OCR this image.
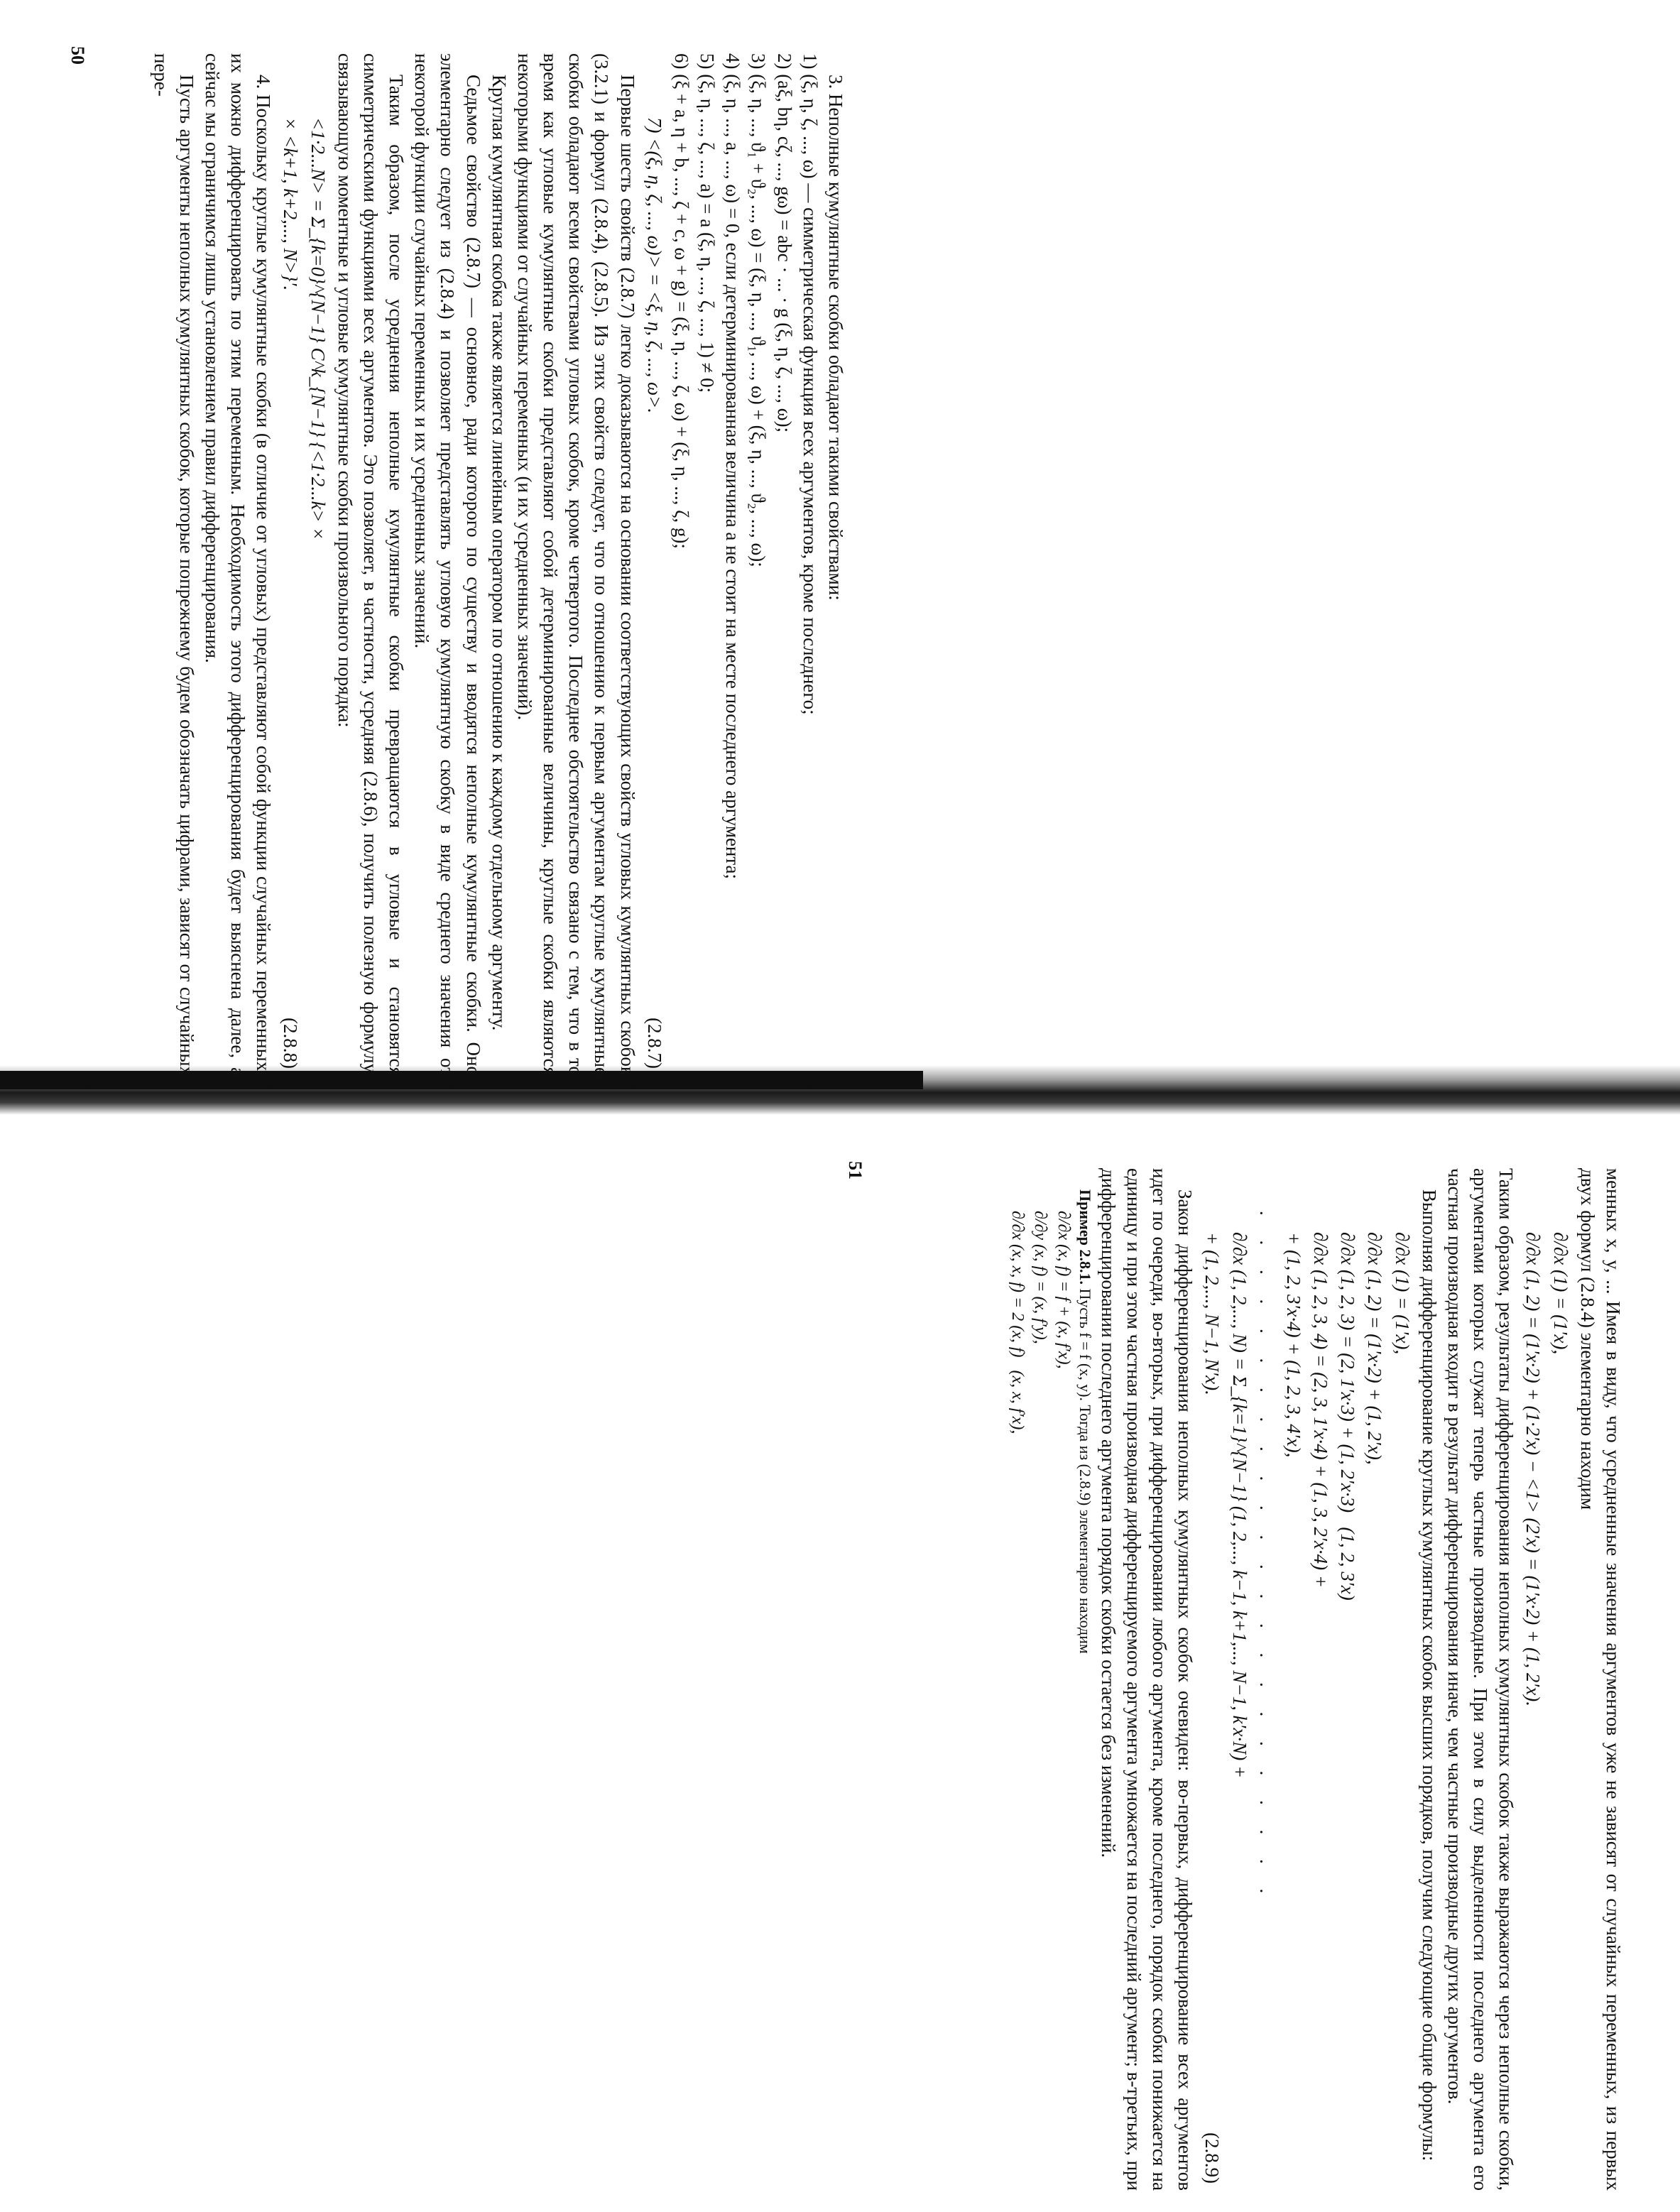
3. Неполные кумулянтные скобки обладают такими свойствами:

1) (ξ, η, ζ, ..., ω) — симметрическая функция всех аргументов, кроме последнего;

2) (aξ, bη, cζ, ..., gω) = abc · ... · g (ξ, η, ζ, ..., ω);

3) (ξ, η, ..., ϑ₁ + ϑ₂, ..., ω) = (ξ, η, ..., ϑ₁, ..., ω) + (ξ, η, ..., ϑ₂, ..., ω);

4) (ξ, η, ..., a, ..., ω) = 0, если детерминированная величина a не стоит на месте последнего аргумента;

5) (ξ, η, ..., ζ, ..., a) = a (ξ, η, ..., ζ, ..., 1) ≠ 0;

6) (ξ + a, η + b, ..., ζ + c, ω + g) = (ξ, η, ..., ζ, ω) + (ξ, η, ..., ζ, g);

7) <(ξ, η, ζ, ..., ω)> = <ξ, η, ζ, ..., ω>.
(2.8.7)

Первые шесть свойств (2.8.7) легко доказываются на основании соответствующих свойств угловых кумулянтных скобок (3.2.1) и формул (2.8.4), (2.8.5). Из этих свойств следует, что по отношению к первым аргументам круглые кумулянтные скобки обладают всеми свойствами угловых скобок, кроме четвертого. Последнее обстоятельство связано с тем, что в то время как угловые кумулянтные скобки представляют собой детерминированные величины, круглые скобки являются некоторыми функциями от случайных переменных (и их усредненных значений).

Круглая кумулянтная скобка также является линейным оператором по отношению к каждому отдельному аргументу.

Седьмое свойство (2.8.7) — основное, ради которого по существу и вводятся неполные кумулянтные скобки. Оно элементарно следует из (2.8.4) и позволяет представлять угловую кумулянтную скобку в виде среднего значения от некоторой функции случайных переменных и их усредненных значений.

Таким образом, после усреднения неполные кумулянтные скобки превращаются в угловые и становятся симметрическими функциями всех аргументов. Это позволяет, в частности, усредняя (2.8.6), получить полезную формулу, связывающую моментные и угловые кумулянтные скобки произвольного порядка:

<1·2...N> = Σ_{k=0}^{N−1} C^k_{N−1} {<1·2...k> ×
× <k+1, k+2,..., N>}′.
(2.8.8)

4. Поскольку круглые кумулянтные скобки (в отличие от угловых) представляют собой функции случайных переменных, их можно дифференцировать по этим переменным. Необходимость этого дифференцирования будет выяснена далее, а сейчас мы ограничимся лишь установлением правил дифференцирования.

Пусть аргументы неполных кумулянтных скобок, которые попрежнему будем обозначать цифрами, зависят от случайных пере-

50

менных x, y, ... Имея в виду, что усредненные значения аргументов уже не зависят от случайных переменных, из первых двух формул (2.8.4) элементарно находим

∂/∂x (1) = (1′x),
∂/∂x (1, 2) = (1′x·2) + (1·2′x) − <1> (2′x) = (1′x·2) + (1, 2′x).

Таким образом, результаты дифференцирования неполных кумулянтных скобок также выражаются через неполные скобки, аргументами которых служат теперь частные производные. При этом в силу выделенности последнего аргумента его частная производная входит в результат дифференцирования иначе, чем частные производные других аргументов.

Выполняя дифференцирование круглых кумулянтных скобок высших порядков, получим следующие общие формулы:

∂/∂x (1) = (1′x),
∂/∂x (1, 2) = (1′x·2) + (1, 2′x),
∂/∂x (1, 2, 3) = (2, 1′x·3) + (1, 2′x·3)   (1, 2, 3′x)
∂/∂x (1, 2, 3, 4) = (2, 3, 1′x·4) + (1, 3, 2′x·4) +
+ (1, 2, 3′x·4) + (1, 2, 3, 4′x),
. . . . . . . . . . . . . . . . . . . . . . . .
∂/∂x (1, 2,..., N) = Σ_{k=1}^{N−1} (1, 2,..., k−1, k+1,..., N−1, k′x·N) +
+ (1, 2,..., N−1, N′x).
(2.8.9)

Закон дифференцирования неполных кумулянтных скобок очевиден: во-первых, дифференцирование всех аргументов идет по очереди, во-вторых, при дифференцировании любого аргумента, кроме последнего, порядок скобки понижается на единицу и при этом частная производная дифференцируемого аргумента умножается на последний аргумент; в-третьих, при дифференцировании последнего аргумента порядок скобки остается без изменений.

Пример 2.8.1. Пусть f = f (x, y). Тогда из (2.8.9) элементарно находим

∂/∂x (x, f) = f + (x, f′x),
∂/∂y (x, f) = (x, f′y),
∂/∂x (x, x, f) = 2 (x, f)   (x, x, f′x),
51
